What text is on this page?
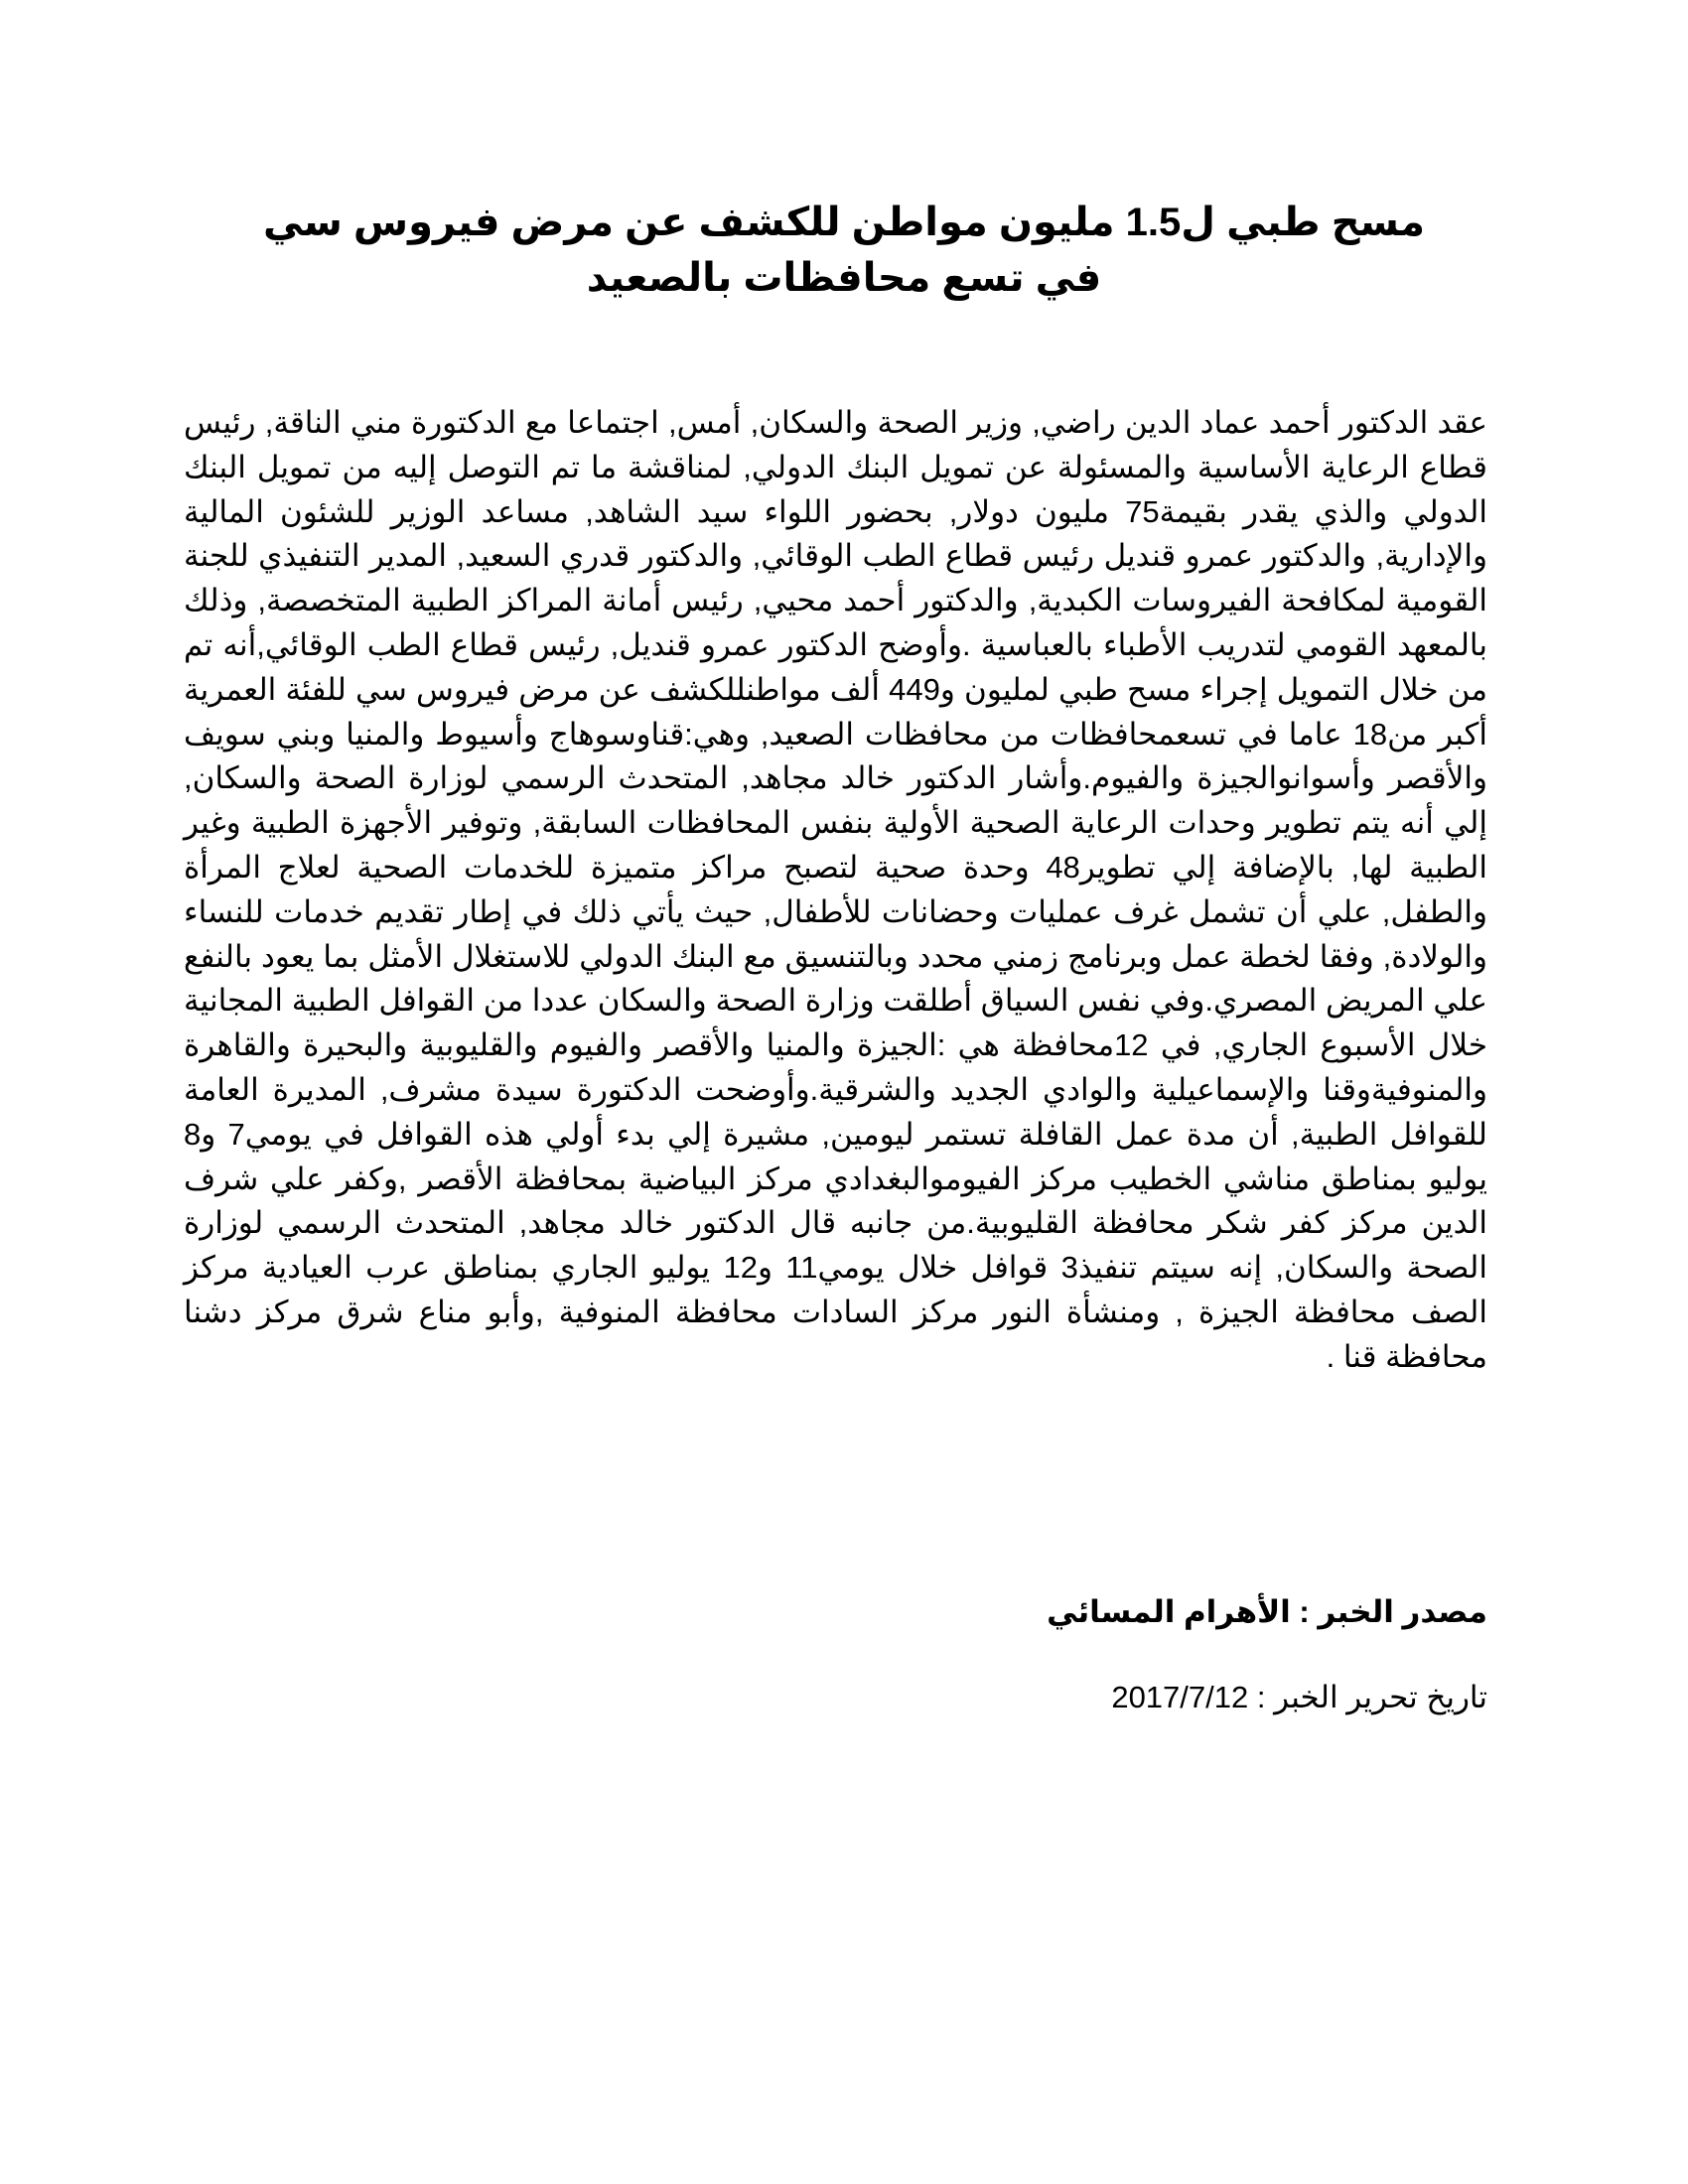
مسح طبي ل1.5 مليون مواطن للكشف عن مرض فيروس سي في تسع محافظات بالصعيد

عقد الدكتور أحمد عماد الدين راضي, وزير الصحة والسكان, أمس, اجتماعا مع الدكتورة مني الناقة, رئيس قطاع الرعاية الأساسية والمسئولة عن تمويل البنك الدولي, لمناقشة ما تم التوصل إليه من تمويل البنك الدولي والذي يقدر بقيمة75 مليون دولار, بحضور اللواء سيد الشاهد, مساعد الوزير للشئون المالية والإدارية, والدكتور عمرو قنديل رئيس قطاع الطب الوقائي, والدكتور قدري السعيد, المدير التنفيذي للجنة القومية لمكافحة الفيروسات الكبدية, والدكتور أحمد محيي, رئيس أمانة المراكز الطبية المتخصصة, وذلك بالمعهد القومي لتدريب الأطباء بالعباسية .وأوضح الدكتور عمرو قنديل, رئيس قطاع الطب الوقائي,أنه تم من خلال التمويل إجراء مسح طبي لمليون و449 ألف مواطنللكشف عن مرض فيروس سي للفئة العمرية أكبر من18 عاما في تسعمحافظات من محافظات الصعيد, وهي:قناوسوهاج وأسيوط والمنيا وبني سويف والأقصر وأسوانوالجيزة والفيوم.وأشار الدكتور خالد مجاهد, المتحدث الرسمي لوزارة الصحة والسكان, إلي أنه يتم تطوير وحدات الرعاية الصحية الأولية بنفس المحافظات السابقة, وتوفير الأجهزة الطبية وغير الطبية لها, بالإضافة إلي تطوير48 وحدة صحية لتصبح مراكز متميزة للخدمات الصحية لعلاج المرأة والطفل, علي أن تشمل غرف عمليات وحضانات للأطفال, حيث يأتي ذلك في إطار تقديم خدمات للنساء والولادة, وفقا لخطة عمل وبرنامج زمني محدد وبالتنسيق مع البنك الدولي للاستغلال الأمثل بما يعود بالنفع علي المريض المصري.وفي نفس السياق أطلقت وزارة الصحة والسكان عددا من القوافل الطبية المجانية خلال الأسبوع الجاري, في 12محافظة هي :الجيزة والمنيا والأقصر والفيوم والقليوبية والبحيرة والقاهرة والمنوفيةوقنا والإسماعيلية والوادي الجديد والشرقية.وأوضحت الدكتورة سيدة مشرف, المديرة العامة للقوافل الطبية, أن مدة عمل القافلة تستمر ليومين, مشيرة إلي بدء أولي هذه القوافل في يومي7 و8 يوليو بمناطق مناشي الخطيب مركز الفيوموالبغدادي مركز البياضية بمحافظة الأقصر ,وكفر علي شرف الدين مركز كفر شكر محافظة القليوبية.من جانبه قال الدكتور خالد مجاهد, المتحدث الرسمي لوزارة الصحة والسكان, إنه سيتم تنفيذ3 قوافل خلال يومي11 و12 يوليو الجاري بمناطق عرب العيادية مركز الصف محافظة الجيزة , ومنشأة النور مركز السادات محافظة المنوفية ,وأبو مناع شرق مركز دشنا محافظة قنا .

مصدر الخبر : الأهرام المسائي

تاريخ تحرير الخبر : 2017/7/12
